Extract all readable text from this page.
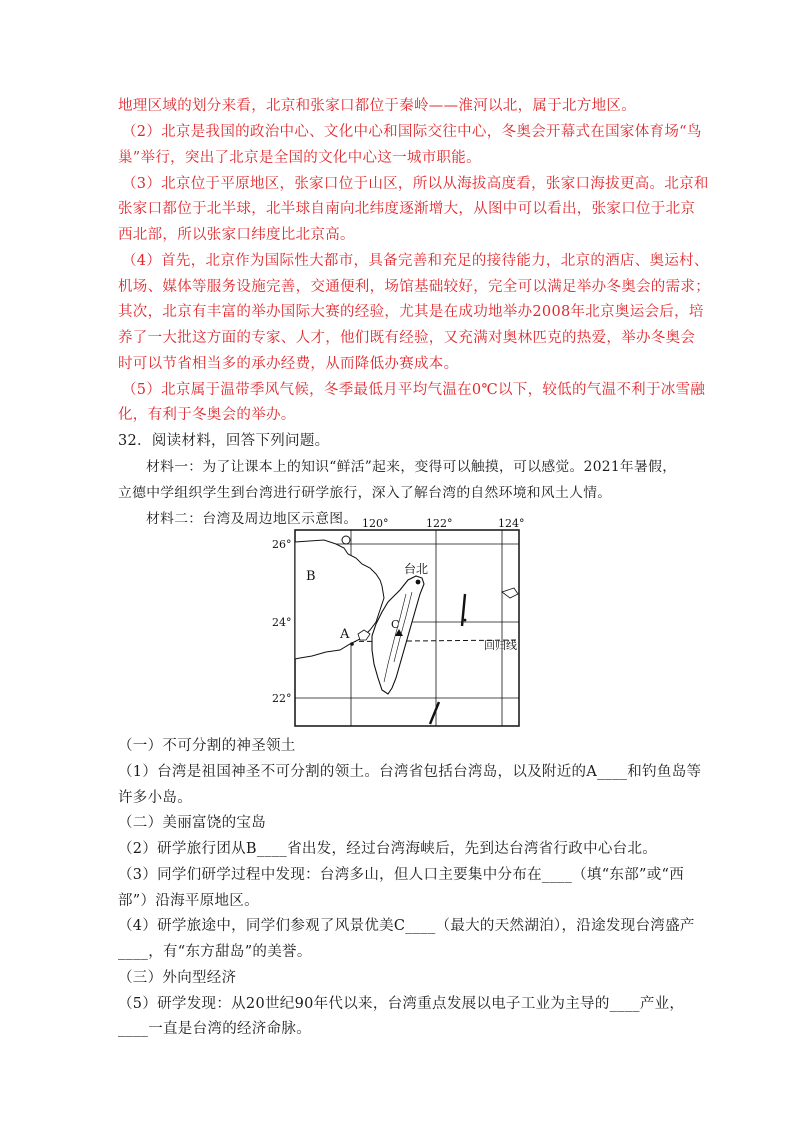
地理区域的划分来看，北京和张家口都位于秦岭——淮河以北，属于北方地区。
（2）北京是我国的政治中心、文化中心和国际交往中心，冬奥会开幕式在国家体育场“鸟
巢”举行，突出了北京是全国的文化中心这一城市职能。
（3）北京位于平原地区，张家口位于山区，所以从海拔高度看，张家口海拔更高。北京和
张家口都位于北半球，北半球自南向北纬度逐渐增大，从图中可以看出，张家口位于北京
西北部，所以张家口纬度比北京高。
（4）首先，北京作为国际性大都市，具备完善和充足的接待能力，北京的酒店、奥运村、
机场、媒体等服务设施完善，交通便利，场馆基础较好，完全可以满足举办冬奥会的需求；
其次，北京有丰富的举办国际大赛的经验，尤其是在成功地举办2008年北京奥运会后，培
养了一大批这方面的专家、人才，他们既有经验，又充满对奥林匹克的热爱，举办冬奥会
时可以节省相当多的承办经费，从而降低办赛成本。
（5）北京属于温带季风气候，冬季最低月平均气温在0℃以下，较低的气温不利于冰雪融
化，有利于冬奥会的举办。
32．阅读材料，回答下列问题。
材料一：为了让课本上的知识“鲜活”起来，变得可以触摸，可以感觉。2021年暑假，
立德中学组织学生到台湾进行研学旅行，深入了解台湾的自然环境和风土人情。
材料二：台湾及周边地区示意图。 120°	122°	124°
26°
24°
22°
B
A
C
台北
回归线
（一）不可分割的神圣领土
（1）台湾是祖国神圣不可分割的领土。台湾省包括台湾岛，以及附近的A____和钓鱼岛等
许多小岛。
（二）美丽富饶的宝岛
（2）研学旅行团从B____省出发，经过台湾海峡后，先到达台湾省行政中心台北。
（3）同学们研学过程中发现：台湾多山，但人口主要集中分布在____（填“东部”或“西
部”）沿海平原地区。
（4）研学旅途中，同学们参观了风景优美C____（最大的天然湖泊），沿途发现台湾盛产
____，有“东方甜岛”的美誉。
（三）外向型经济
（5）研学发现：从20世纪90年代以来，台湾重点发展以电子工业为主导的____产业，
____一直是台湾的经济命脉。
